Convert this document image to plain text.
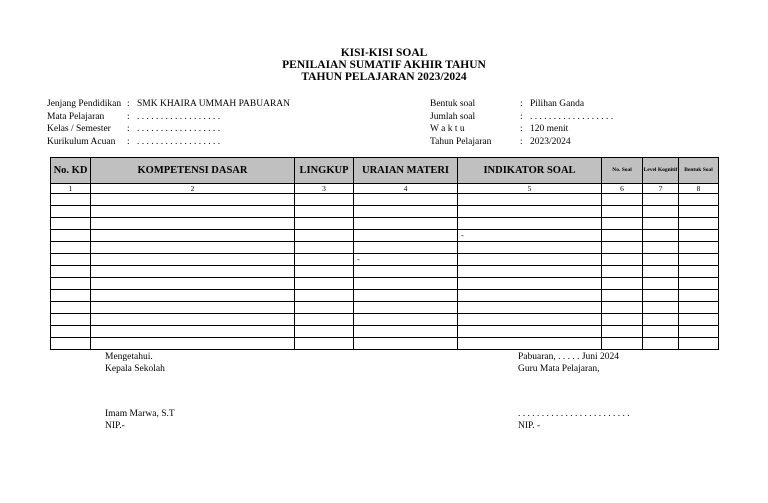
KISI-KISI SOAL
PENILAIAN SUMATIF AKHIR TAHUN
TAHUN PELAJARAN 2023/2024
Jenjang Pendidikan : SMK KHAIRA UMMAH PABUARAN
Mata Pelajaran	: . . . . . . . . . . . . . . . . . .
Kelas / Semester	: . . . . . . . . . . . . . . . . . .
Kurikulum Acuan	: . . . . . . . . . . . . . . . . . .
Bentuk soal	: Pilihan Ganda
Jumlah soal	: . . . . . . . . . . . . . . . . . .
W a k t u	: 120 menit
Tahun Pelajaran	: 2023/2024
No. KD	KOMPETENSI DASAR	LINGKUP	URAIAN MATERI	INDIKATOR SOAL	No. Soal	Level Kognitif	Bentuk Soal
1	2	3	4	5	6	7	8

				-			

			-				

Mengetahui.
Kepala Sekolah
Imam Marwa, S.T
NIP.-
Pabuaran, . . . . . Juni 2024
Guru Mata Pelajaran,
. . . . . . . . . . . . . . . . . . . . . . . .
NIP. -
